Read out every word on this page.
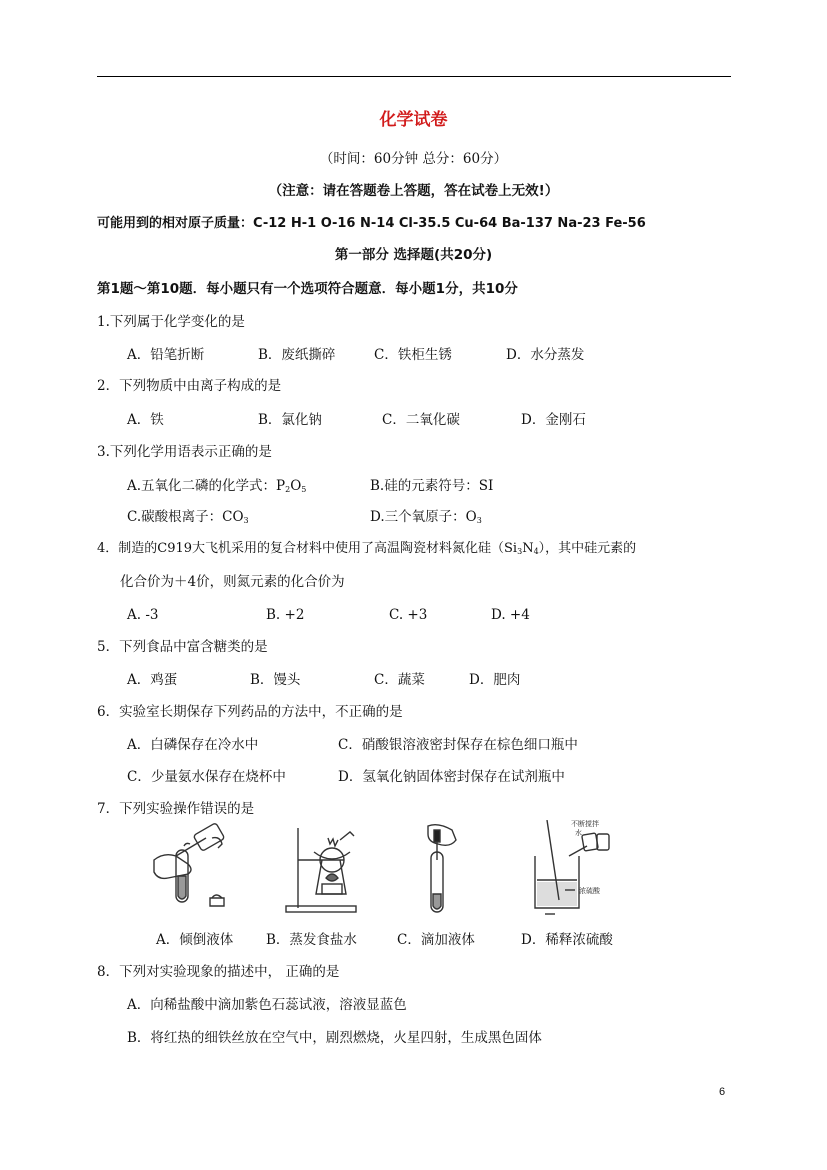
化学试卷
（时间：60分钟 总分：60分）
（注意：请在答题卷上答题，答在试卷上无效!）
可能用到的相对原子质量：C-12 H-1 O-16 N-14 Cl-35.5 Cu-64 Ba-137 Na-23 Fe-56
第一部分 选择题(共20分)
第1题～第10题．每小题只有一个选项符合题意．每小题1分，共10分
1.下列属于化学变化的是
A．铅笔折断	B．废纸撕碎	C．铁柜生锈	D．水分蒸发
2．下列物质中由离子构成的是
A．铁	B．氯化钠	C．二氧化碳	D．金刚石
3.下列化学用语表示正确的是
A.五氧化二磷的化学式：$P_2O_5$	B.硅的元素符号：SI
C.碳酸根离子：$CO_3$	D.三个氧原子：$O_3$
4．制造的C919大飞机采用的复合材料中使用了高温陶瓷材料氮化硅$(Si_3N_4)$，其中硅元素的
化合价为＋4价，则氮元素的化合价为
A. -3	B. +2	C. +3	D. +4
5．下列食品中富含糖类的是
A．鸡蛋	B．馒头	C．蔬菜	D．肥肉
6．实验室长期保存下列药品的方法中，不正确的是
A．白磷保存在冷水中	C．硝酸银溶液密封保存在棕色细口瓶中
C．少量氨水保存在烧杯中	D．氢氧化钠固体密封保存在试剂瓶中
7．下列实验操作错误的是
不断搅拌
水
浓硫酸
A．倾倒液体 B．蒸发食盐水	C．滴加液体	D．稀释浓硫酸
8．下列对实验现象的描述中， 正确的是
A．向稀盐酸中滴加紫色石蕊试液，溶液显蓝色
B．将红热的细铁丝放在空气中，剧烈燃烧，火星四射，生成黑色固体
6
